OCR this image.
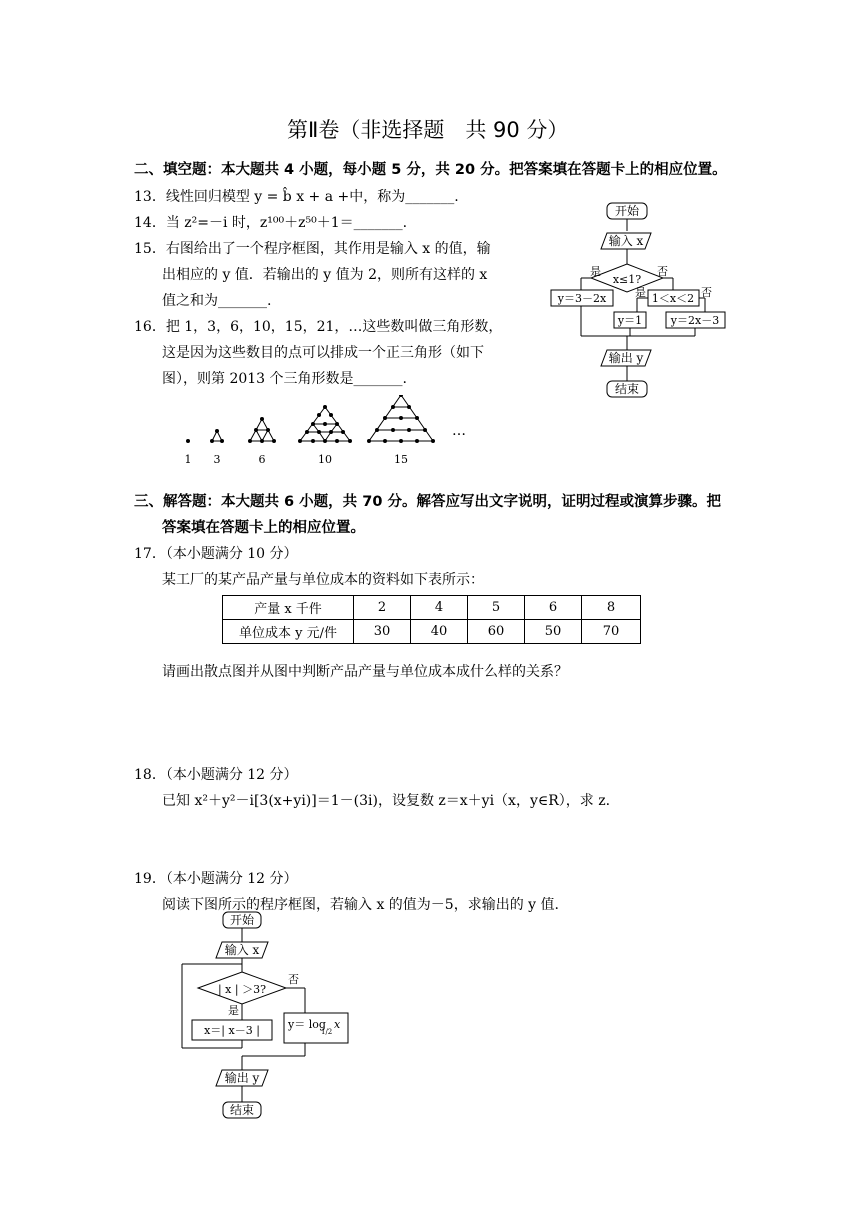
第Ⅱ卷（非选择题　共 90 分）
二、填空题：本大题共 4 小题，每小题 5 分，共 20 分。把答案填在答题卡上的相应位置。
13．线性回归模型 y = b̂ x + a +中，称为_______.
14．当 z²=－i 时，z¹⁰⁰＋z⁵⁰＋1＝_______.
15．右图给出了一个程序框图，其作用是输入 x 的值，输
出相应的 y 值．若输出的 y 值为 2，则所有这样的 x
值之和为_______.
16．把 1，3，6，10，15，21，…这些数叫做三角形数，
这是因为这些数目的点可以排成一个正三角形（如下
图），则第 2013 个三角形数是_______.
开始
输入 x
x≤1?
是	否
y＝3－2x	1＜x＜2
是	否
y＝1	y＝2x－3
输出 y
结束
1 3	6	10	15
…
三、解答题：本大题共 6 小题，共 70 分。解答应写出文字说明，证明过程或演算步骤。把
答案填在答题卡上的相应位置。
17．（本小题满分 10 分）
某工厂的某产品产量与单位成本的资料如下表所示：
产量 x 千件	2	4	5	6	8
单位成本 y 元/件	30	40	60	50	70
请画出散点图并从图中判断产品产量与单位成本成什么样的关系？
18．（本小题满分 12 分）
已知 x²＋y²－i[3(x+yi)]＝1－(3i)，设复数 z＝x＋yi（x，y∈R），求 z.
19．（本小题满分 12 分）
阅读下图所示的程序框图，若输入 x 的值为－5，求输出的 y 值.
开始
输入 x
| x | ＞3?
否
是
x＝| x－3 |	y＝ log
1/2
x
输出 y
结束
